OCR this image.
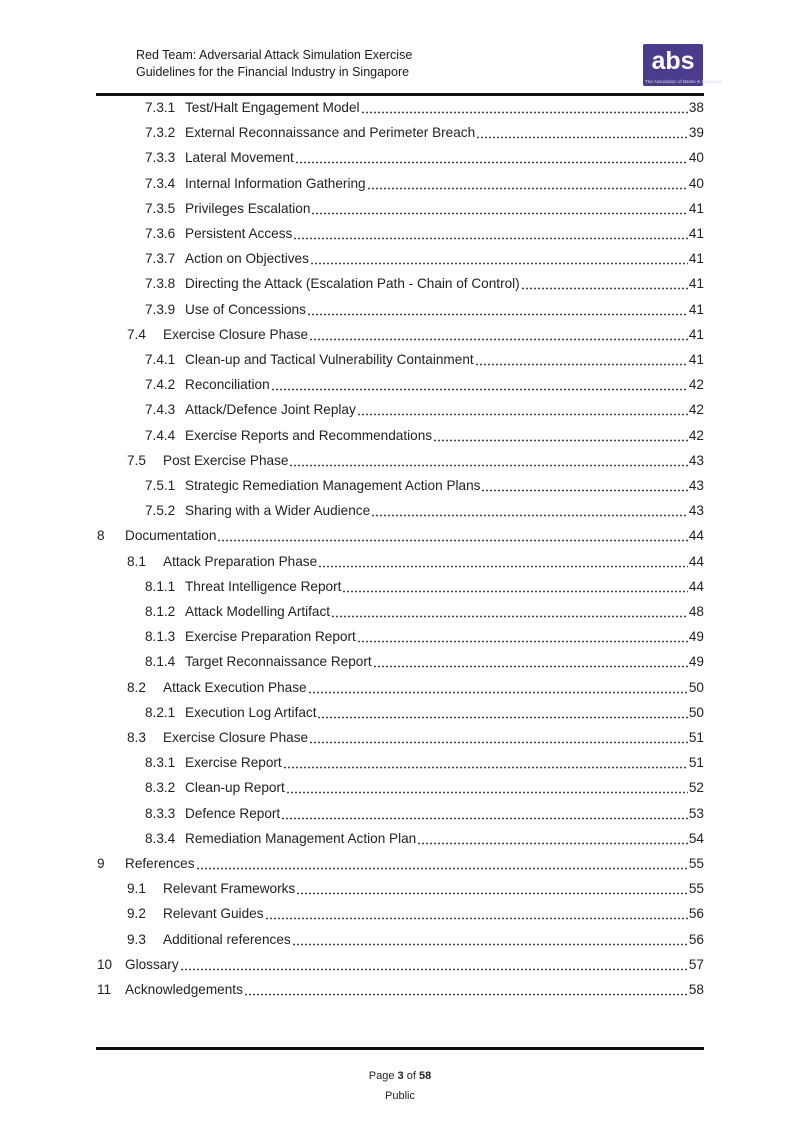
Red Team: Adversarial Attack Simulation Exercise
Guidelines for the Financial Industry in Singapore	abs
The Association of Banks in Singapore
7.3.1 Test/Halt Engagement Model	38
7.3.2 External Reconnaissance and Perimeter Breach	39
7.3.3 Lateral Movement	40
7.3.4 Internal Information Gathering	40
7.3.5 Privileges Escalation	41
7.3.6 Persistent Access	41
7.3.7 Action on Objectives	41
7.3.8 Directing the Attack (Escalation Path - Chain of Control)	41
7.3.9 Use of Concessions	41
7.4	Exercise Closure Phase	41
7.4.1 Clean-up and Tactical Vulnerability Containment	41
7.4.2 Reconciliation	42
7.4.3 Attack/Defence Joint Replay	42
7.4.4 Exercise Reports and Recommendations	42
7.5	Post Exercise Phase	43
7.5.1 Strategic Remediation Management Action Plans	43
7.5.2 Sharing with a Wider Audience	43
8	Documentation	44
8.1	Attack Preparation Phase	44
8.1.1 Threat Intelligence Report	44
8.1.2 Attack Modelling Artifact	48
8.1.3 Exercise Preparation Report	49
8.1.4 Target Reconnaissance Report	49
8.2	Attack Execution Phase	50
8.2.1 Execution Log Artifact	50
8.3	Exercise Closure Phase	51
8.3.1 Exercise Report	51
8.3.2 Clean-up Report	52
8.3.3 Defence Report	53
8.3.4 Remediation Management Action Plan	54
9	References	55
9.1	Relevant Frameworks	55
9.2	Relevant Guides	56
9.3	Additional references	56
10 Glossary	57
11	Acknowledgements	58
Page 3 of 58
Public
